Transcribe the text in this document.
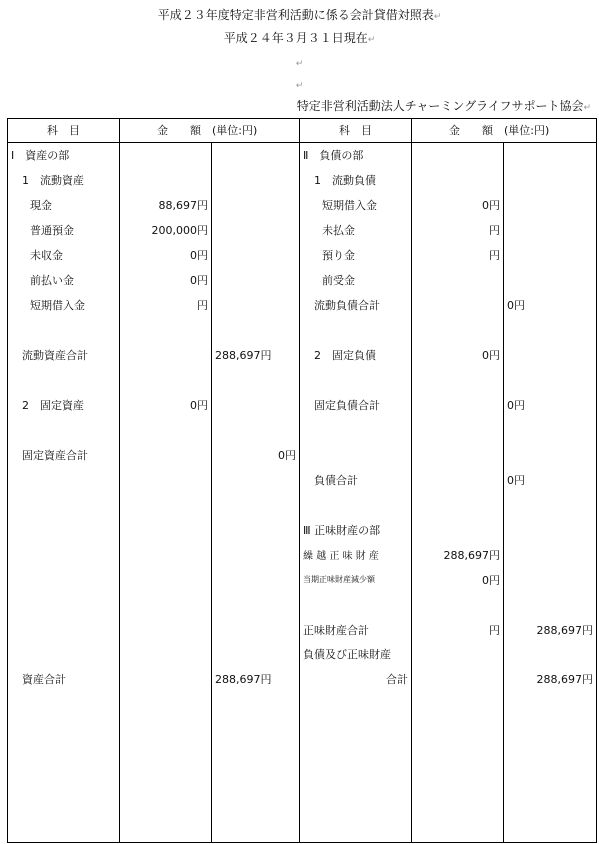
平成２３年度特定非営利活動に係る会計貸借対照表↵
平成２４年３月３１日現在↵
↵
↵
特定非営利活動法人チャーミングライフサポート協会↵
科　目	金　　額　 (単位:円)		科　目	金　　額　 (単位:円)	
Ⅰ　資産の部			Ⅱ　負債の部		
1　流動資産			1　流動負債		
現金	88,697円		短期借入金	0円	
普通預金	200,000円		未払金	円	
未収金	0円		預り金	円	
前払い金	0円		前受金		
短期借入金	円		流動負債合計		0円

流動資産合計		288,697円	2　固定負債	0円	

2　固定資産	0円		固定負債合計		0円

固定資産合計		0円			
			負債合計		0円

			Ⅲ 正味財産の部		
			繰 越 正 味 財 産	288,697円	
			当期正味財産減少額	0円	

			正味財産合計	円	288,697円
			負債及び正味財産		
資産合計		288,697円	合計		288,697円
